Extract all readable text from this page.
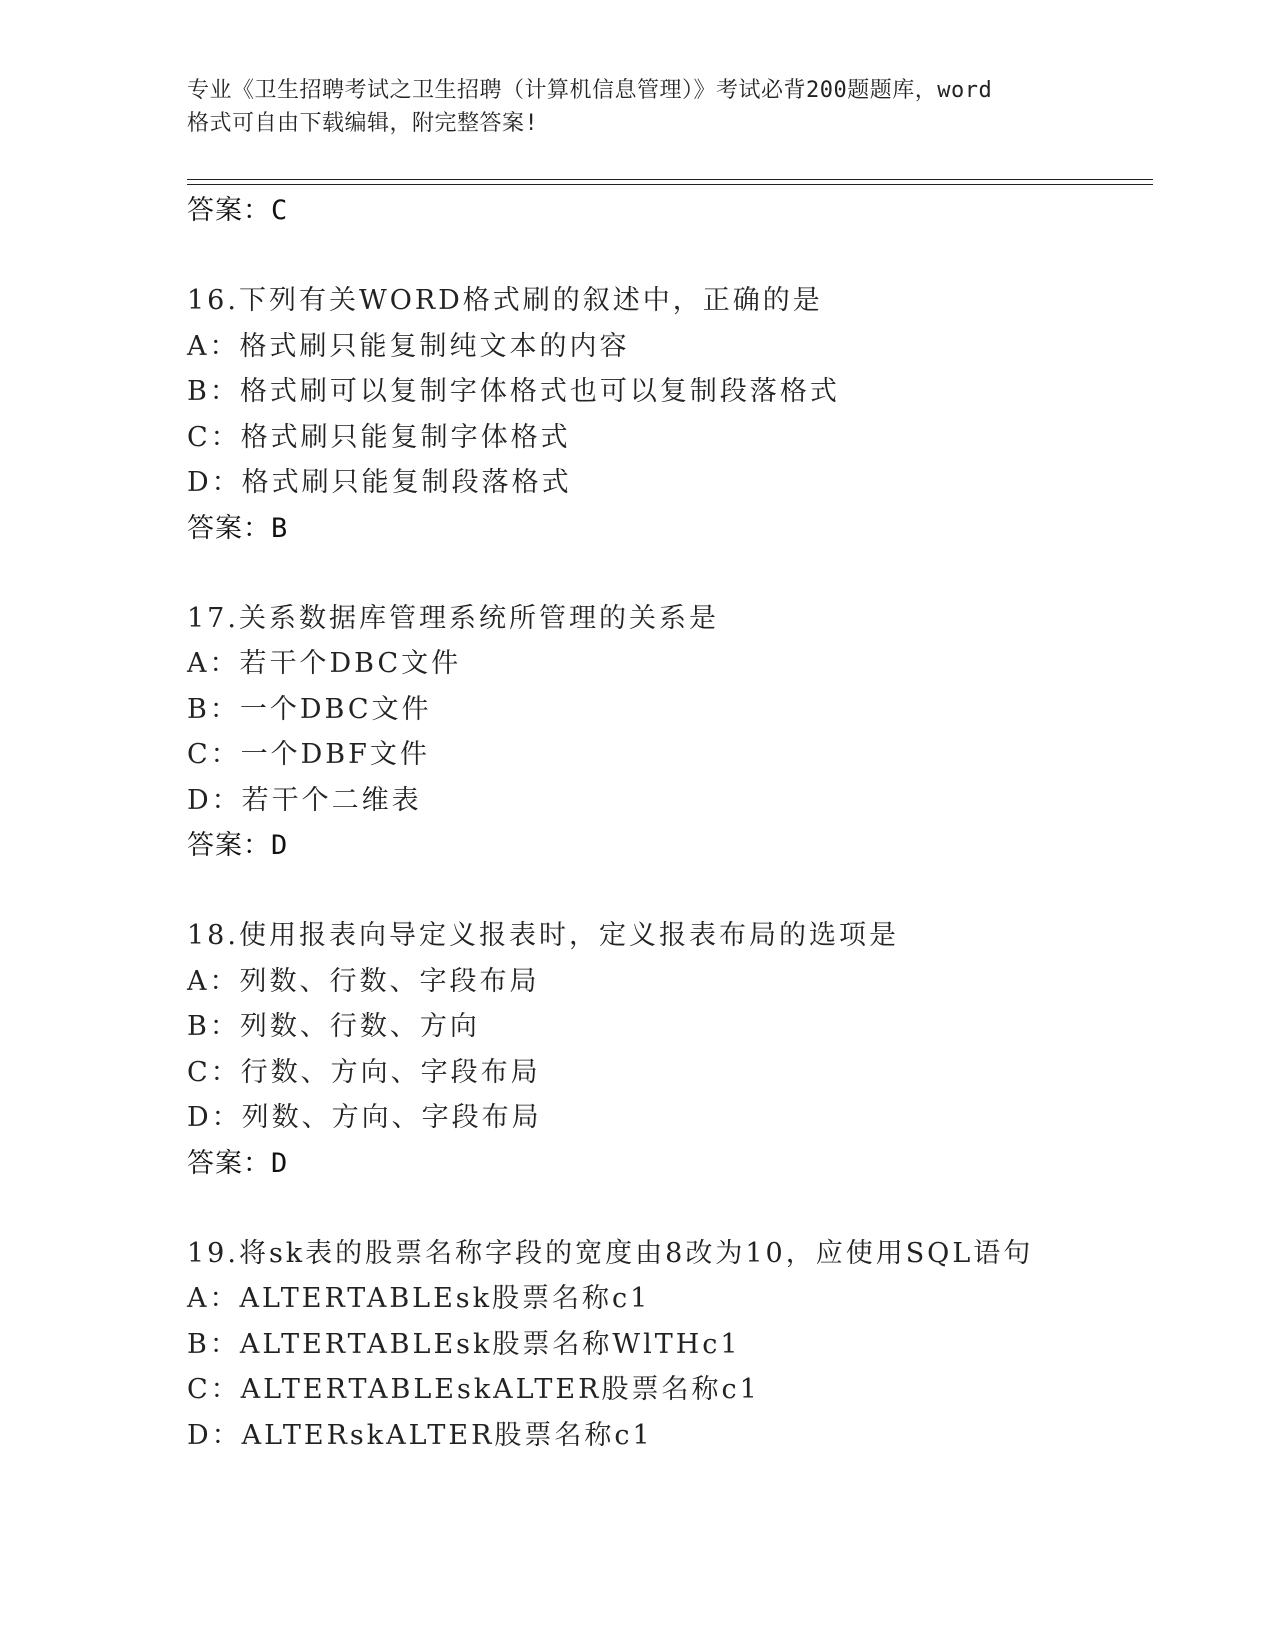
专业《卫生招聘考试之卫生招聘（计算机信息管理）》考试必背200题题库，word
格式可自由下载编辑，附完整答案!
答案：C
16.下列有关WORD格式刷的叙述中，正确的是
A：格式刷只能复制纯文本的内容
B：格式刷可以复制字体格式也可以复制段落格式
C：格式刷只能复制字体格式
D：格式刷只能复制段落格式
答案：B
17.关系数据库管理系统所管理的关系是
A：若干个DBC文件
B：一个DBC文件
C：一个DBF文件
D：若干个二维表
答案：D
18.使用报表向导定义报表时，定义报表布局的选项是
A：列数、行数、字段布局
B：列数、行数、方向
C：行数、方向、字段布局
D：列数、方向、字段布局
答案：D
19.将sk表的股票名称字段的宽度由8改为10，应使用SQL语句
A：ALTERTABLEsk股票名称c1
B：ALTERTABLEsk股票名称WlTHc1
C：ALTERTABLEskALTER股票名称c1
D：ALTERskALTER股票名称c1
